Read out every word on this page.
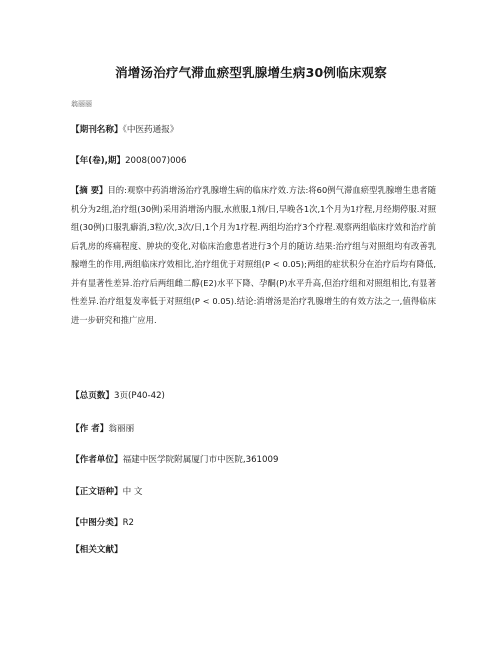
消增汤治疗气滞血瘀型乳腺增生病30例临床观察
翁丽丽
【期刊名称】《中医药通报》
【年(卷),期】2008(007)006
【摘 要】目的:观察中药消增汤治疗乳腺增生病的临床疗效.方法:将60例气滞血瘀型乳腺增生患者随机分为2组,治疗组(30例)采用消增汤内服,水煎服,1剂/日,早晚各1次,1个月为1疗程,月经期停服.对照组(30例)口服乳癖消,3粒/次,3次/日,1个月为1疗程.两组均治疗3个疗程.观察两组临床疗效和治疗前后乳房的疼痛程度、肿块的变化,对临床治愈患者进行3个月的随访.结果:治疗组与对照组均有改善乳腺增生的作用,两组临床疗效相比,治疗组优于对照组(P < 0.05);两组的症状积分在治疗后均有降低,并有显著性差异.治疗后两组雌二醇(E2)水平下降、孕酮(P)水平升高,但治疗组和对照组相比,有显著性差异.治疗组复发率低于对照组(P < 0.05).结论:消增汤是治疗乳腺增生的有效方法之一,值得临床进一步研究和推广应用.
【总页数】3页(P40-42)
【作 者】翁丽丽
【作者单位】福建中医学院附属厦门市中医院,361009
【正文语种】中 文
【中图分类】R2
【相关文献】
